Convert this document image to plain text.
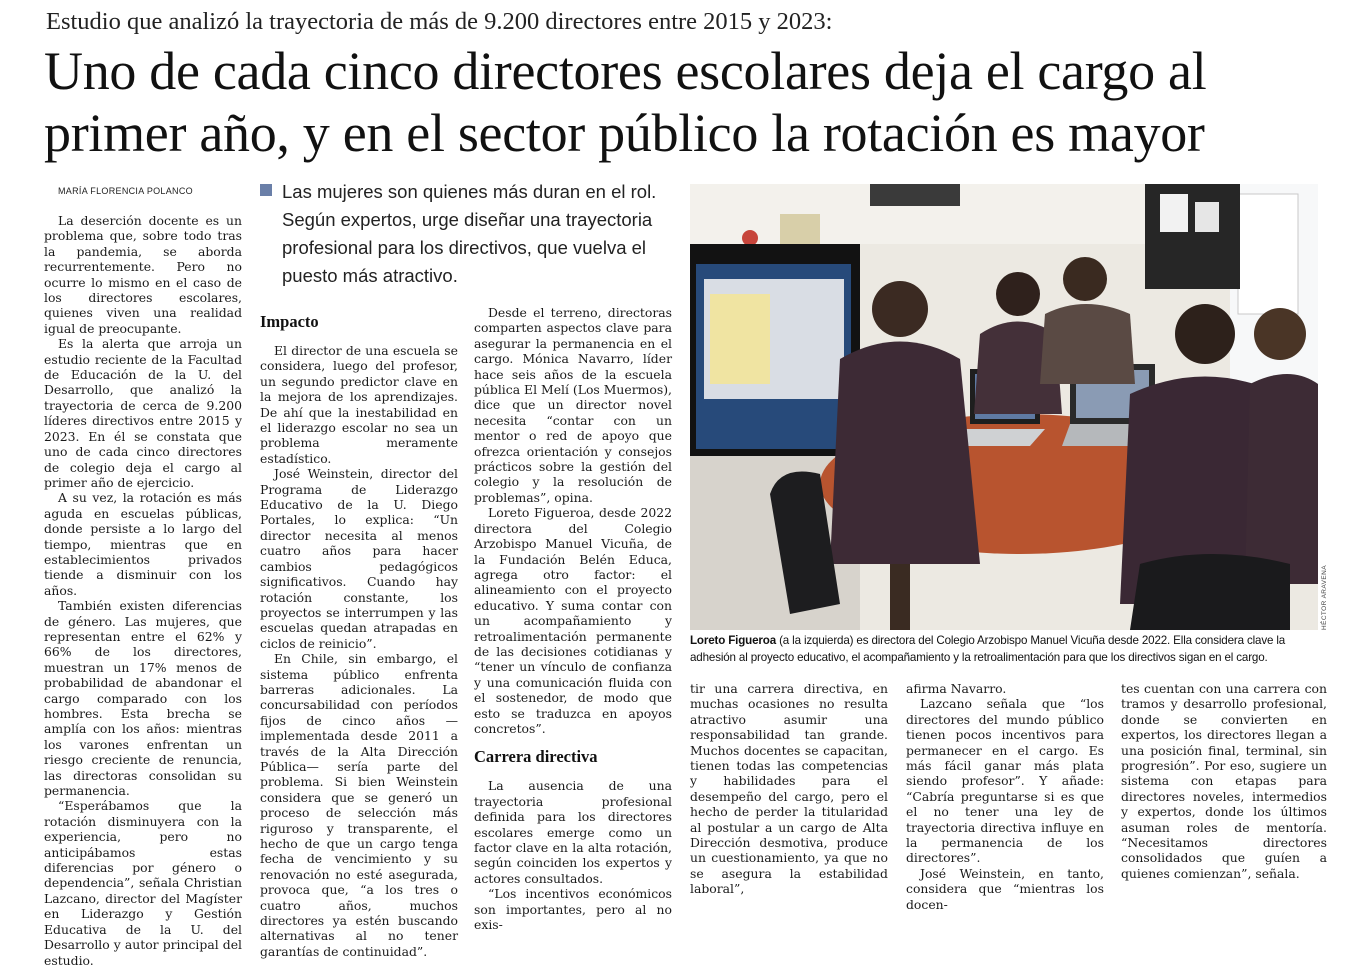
Estudio que analizó la trayectoria de más de 9.200 directores entre 2015 y 2023:
Uno de cada cinco directores escolares deja el cargo al
primer año, y en el sector público la rotación es mayor
MARÍA FLORENCIA POLANCO	Las mujeres son quienes más duran en el rol. Según expertos, urge diseñar una trayectoria profesional para los directivos, que vuelva el puesto más atractivo.

La deserción docente es un problema que, sobre todo tras la pandemia, se aborda recurrentemente. Pero no ocurre lo mismo en el caso de los directores escolares, quienes viven una realidad igual de preocupante.

Es la alerta que arroja un estudio reciente de la Facultad de Educación de la U. del Desarrollo, que analizó la trayectoria de cerca de 9.200 líderes directivos entre 2015 y 2023. En él se constata que uno de cada cinco directores de colegio deja el cargo al primer año de ejercicio.

A su vez, la rotación es más aguda en escuelas públicas, donde persiste a lo largo del tiempo, mientras que en establecimientos privados tiende a disminuir con los años.

También existen diferencias de género. Las mujeres, que representan entre el 62% y 66% de los directores, muestran un 17% menos de probabilidad de abandonar el cargo comparado con los hombres. Esta brecha se amplía con los años: mientras los varones enfrentan un riesgo creciente de renuncia, las directoras consolidan su permanencia.

“Esperábamos que la rotación disminuyera con la experiencia, pero no anticipábamos estas diferencias por género o dependencia”, señala Christian Lazcano, director del Magíster en Liderazgo y Gestión Educativa de la U. del Desarrollo y autor principal del estudio.

Impacto

El director de una escuela se considera, luego del profesor, un segundo predictor clave en la mejora de los aprendizajes. De ahí que la inestabilidad en el liderazgo escolar no sea un problema meramente estadístico.

José Weinstein, director del Programa de Liderazgo Educativo de la U. Diego Portales, lo explica: “Un director necesita al menos cuatro años para hacer cambios pedagógicos significativos. Cuando hay rotación constante, los proyectos se interrumpen y las escuelas quedan atrapadas en ciclos de reinicio”.

En Chile, sin embargo, el sistema público enfrenta barreras adicionales. La concursabilidad con períodos fijos de cinco años —implementada desde 2011 a través de la Alta Dirección Pública— sería parte del problema. Si bien Weinstein considera que se generó un proceso de selección más riguroso y transparente, el hecho de que un cargo tenga fecha de vencimiento y su renovación no esté asegurada, provoca que, “a los tres o cuatro años, muchos directores ya estén buscando alternativas al no tener garantías de continuidad”.

Desde el terreno, directoras comparten aspectos clave para asegurar la permanencia en el cargo. Mónica Navarro, líder hace seis años de la escuela pública El Melí (Los Muermos), dice que un director novel necesita “contar con un mentor o red de apoyo que ofrezca orientación y consejos prácticos sobre la gestión del colegio y la resolución de problemas”, opina.

Loreto Figueroa, desde 2022 directora del Colegio Arzobispo Manuel Vicuña, de la Fundación Belén Educa, agrega otro factor: el alineamiento con el proyecto educativo. Y suma contar con un acompañamiento y retroalimentación permanente de las decisiones cotidianas y “tener un vínculo de confianza y una comunicación fluida con el sostenedor, de modo que esto se traduzca en apoyos concretos”.

Carrera directiva

La ausencia de una trayectoria profesional definida para los directores escolares emerge como un factor clave en la alta rotación, según coinciden los expertos y actores consultados.

“Los incentivos económicos son importantes, pero al no exis-

HÉCTOR ARAVENA
Loreto Figueroa (a la izquierda) es directora del Colegio Arzobispo Manuel Vicuña desde 2022. Ella considera clave la adhesión al proyecto educativo, el acompañamiento y la retroalimentación para que los directivos sigan en el cargo.

tir una carrera directiva, en muchas ocasiones no resulta atractivo asumir una responsabilidad tan grande. Muchos docentes se capacitan, tienen todas las competencias y habilidades para el desempeño del cargo, pero el hecho de perder la titularidad al postular a un cargo de Alta Dirección desmotiva, produce un cuestionamiento, ya que no se asegura la estabilidad laboral”,

afirma Navarro.

Lazcano señala que “los directores del mundo público tienen pocos incentivos para permanecer en el cargo. Es más fácil ganar más plata siendo profesor”. Y añade: “Cabría preguntarse si es que el no tener una ley de trayectoria directiva influye en la permanencia de los directores”.

José Weinstein, en tanto, considera que “mientras los docen-

tes cuentan con una carrera con tramos y desarrollo profesional, donde se convierten en expertos, los directores llegan a una posición final, terminal, sin progresión”. Por eso, sugiere un sistema con etapas para directores noveles, intermedios y expertos, donde los últimos asuman roles de mentoría. “Necesitamos directores consolidados que guíen a quienes comienzan”, señala.
